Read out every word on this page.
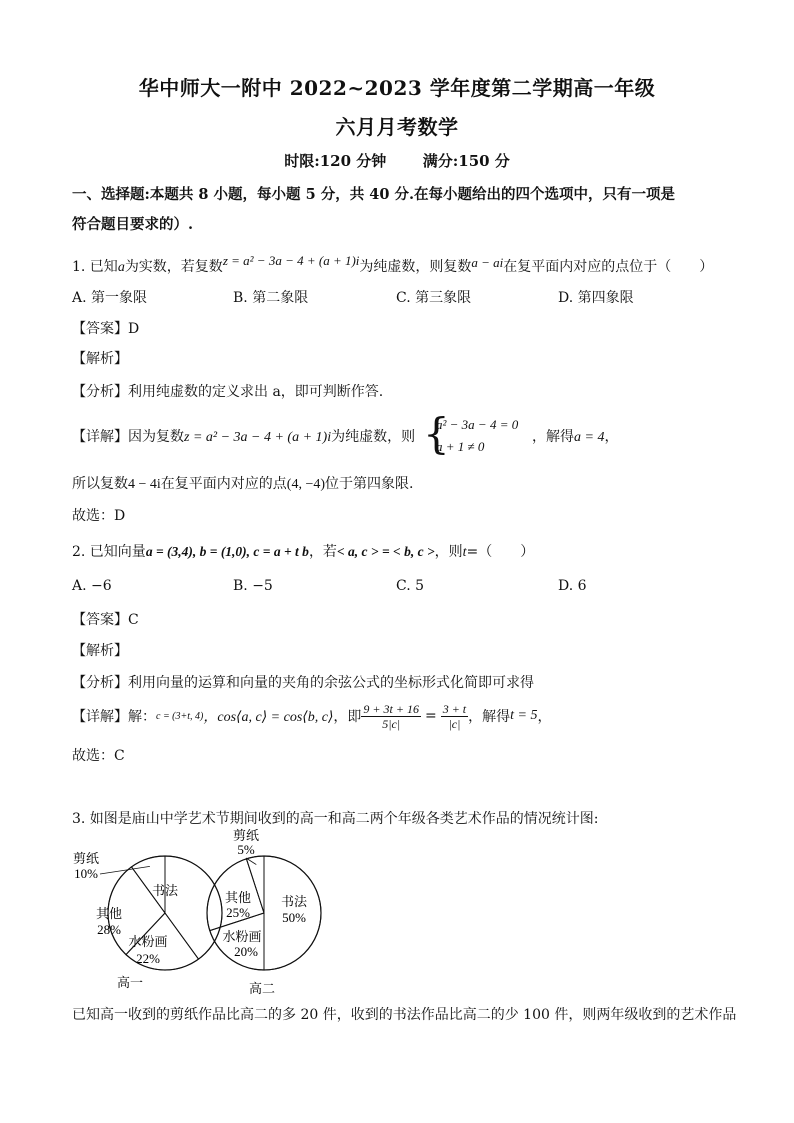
华中师大一附中 2022~2023 学年度第二学期高一年级
六月月考数学
时限:120 分钟 满分:150 分
一、选择题:本题共 8 小题，每小题 5 分，共 40 分.在每小题给出的四个选项中，只有一项是
符合题目要求的）.
1. 已知a为实数，若复数z = a² − 3a − 4 + (a + 1)i为纯虚数，则复数a − ai在复平面内对应的点位于（　　）
A. 第一象限	B. 第二象限	C. 第三象限	D. 第四象限
【答案】D
【解析】
【分析】利用纯虚数的定义求出 a，即可判断作答.
【详解】因为复数z = a² − 3a − 4 + (a + 1)i为纯虚数，则 {
a² − 3a − 4 = 0
a + 1 ≠ 0
，解得a = 4，
所以复数4 − 4i在复平面内对应的点(4, −4)位于第四象限.
故选：D
2. 已知向量a = (3,4), b = (1,0), c = a + t b，若< a, c > = < b, c >，则t=（　　）
A. −6	B. −5	C. 5	D. 6
【答案】C
【解析】
【分析】利用向量的运算和向量的夹角的余弦公式的坐标形式化简即可求得
【详解】 解： c = (3+t, 4) ，cos⟨a, c⟩ = cos⟨b, c⟩ ，即 $\frac{9 + 3t + 16}{5|c|} = \frac{3 + t}{|c|}$ ，解得 t = 5 ，
故选：C
3. 如图是庙山中学艺术节期间收到的高一和高二两个年级各类艺术作品的情况统计图:
书法
水粉画
22%
其他
28%
剪纸
10%
高一
书法
50%
水粉画
20%
其他
25%
剪纸
5%
高二
已知高一收到的剪纸作品比高二的多 20 件，收到的书法作品比高二的少 100 件，则两年级收到的艺术作品
